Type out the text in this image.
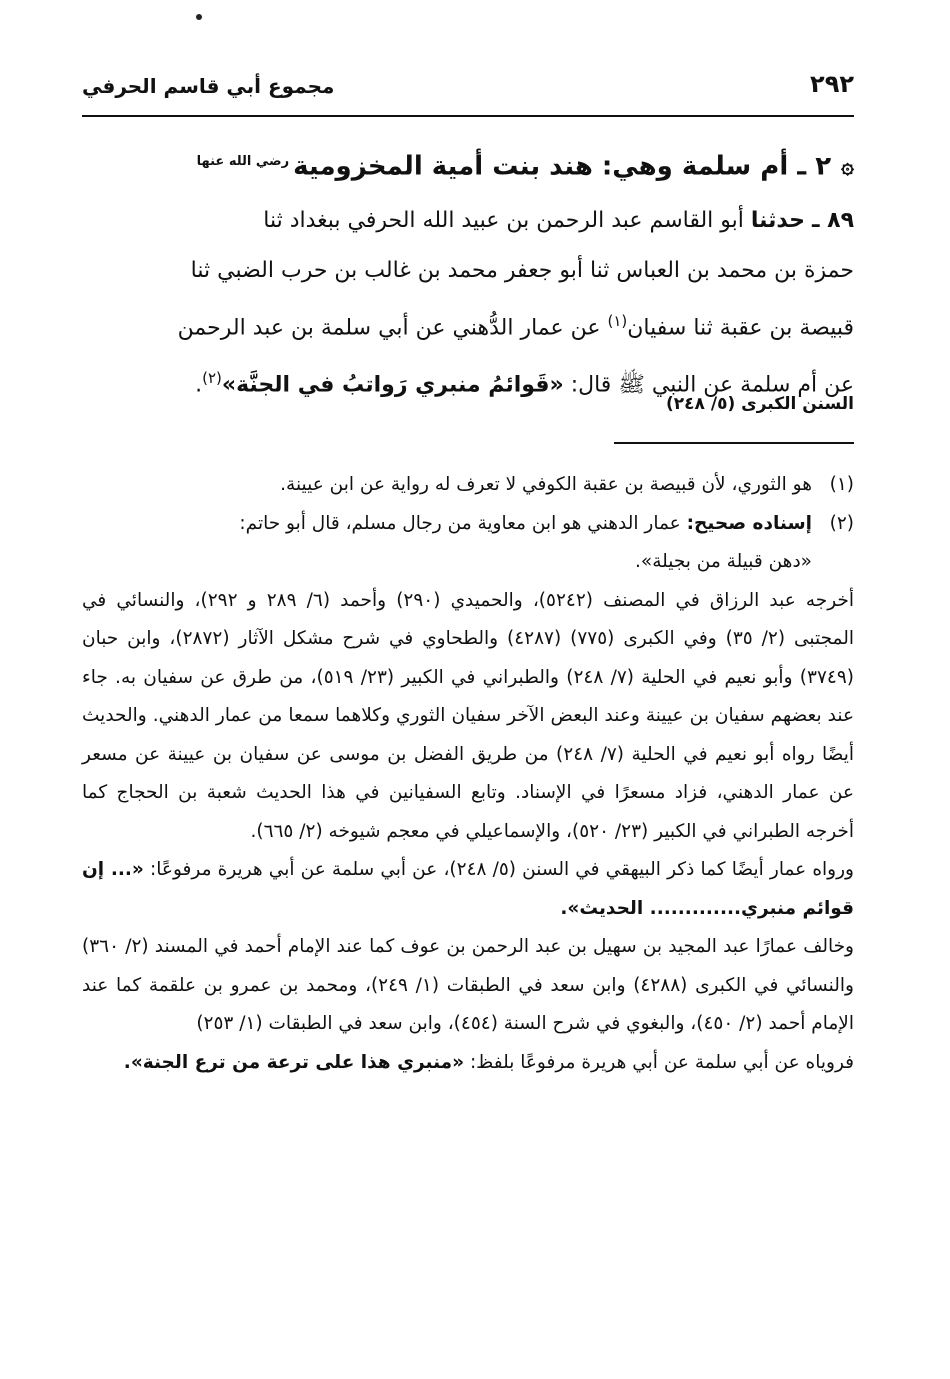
٢٩٢
مجموع أبي قاسم الحرفي
۞٢ ـ أم سلمة وهي: هند بنت أمية المخزومية$^{رضي الله عنها}$

٨٩ ـ حدثنا أبو القاسم عبد الرحمن بن عبيد الله الحرفي ببغداد ثنا

حمزة بن محمد بن العباس ثنا أبو جعفر محمد بن غالب بن حرب الضبي ثنا

قبيصة بن عقبة ثنا سفيان$^{(١)}$ عن عمار الدُّهني عن أبي سلمة بن عبد الرحمن

عن أم سلمة عن النبي ﷺ قال: «قَوائمُ منبري رَواتبُ في الجنَّة»$^{(٢)}$.

السنن الكبرى (٥/ ٢٤٨)
(١)

هو الثوري، لأن قبيصة بن عقبة الكوفي لا تعرف له رواية عن ابن عيينة.

(٢)

إسناده صحيح: عمار الدهني هو ابن معاوية من رجال مسلم، قال أبو حاتم:

«دهن قبيلة من بجيلة».

أخرجه عبد الرزاق في المصنف (٥٢٤٢)، والحميدي (٢٩٠) وأحمد (٦/ ٢٨٩ و ٢٩٢)، والنسائي في المجتبى (٢/ ٣٥) وفي الكبرى (٧٧٥) (٤٢٨٧) والطحاوي في شرح مشكل الآثار (٢٨٧٢)، وابن حبان (٣٧٤٩) وأبو نعيم في الحلية (٧/ ٢٤٨) والطبراني في الكبير (٢٣/ ٥١٩)، من طرق عن سفيان به. جاء عند بعضهم سفيان بن عيينة وعند البعض الآخر سفيان الثوري وكلاهما سمعا من عمار الدهني. والحديث أيضًا رواه أبو نعيم في الحلية (٧/ ٢٤٨) من طريق الفضل بن موسى عن سفيان بن عيينة عن مسعر عن عمار الدهني، فزاد مسعرًا في الإسناد. وتابع السفيانين في هذا الحديث شعبة بن الحجاج كما أخرجه الطبراني في الكبير (٢٣/ ٥٢٠)، والإسماعيلي في معجم شيوخه (٢/ ٦٦٥).

ورواه عمار أيضًا كما ذكر البيهقي في السنن (٥/ ٢٤٨)، عن أبي سلمة عن أبي هريرة مرفوعًا: «... إن قوائم منبري............. الحديث».

وخالف عمارًا عبد المجيد بن سهيل بن عبد الرحمن بن عوف كما عند الإمام أحمد في المسند (٢/ ٣٦٠) والنسائي في الكبرى (٤٢٨٨) وابن سعد في الطبقات (١/ ٢٤٩)، ومحمد بن عمرو بن علقمة كما عند الإمام أحمد (٢/ ٤٥٠)، والبغوي في شرح السنة (٤٥٤)، وابن سعد في الطبقات (١/ ٢٥٣)

فروياه عن أبي سلمة عن أبي هريرة مرفوعًا بلفظ: «منبري هذا على ترعة من ترع الجنة».
